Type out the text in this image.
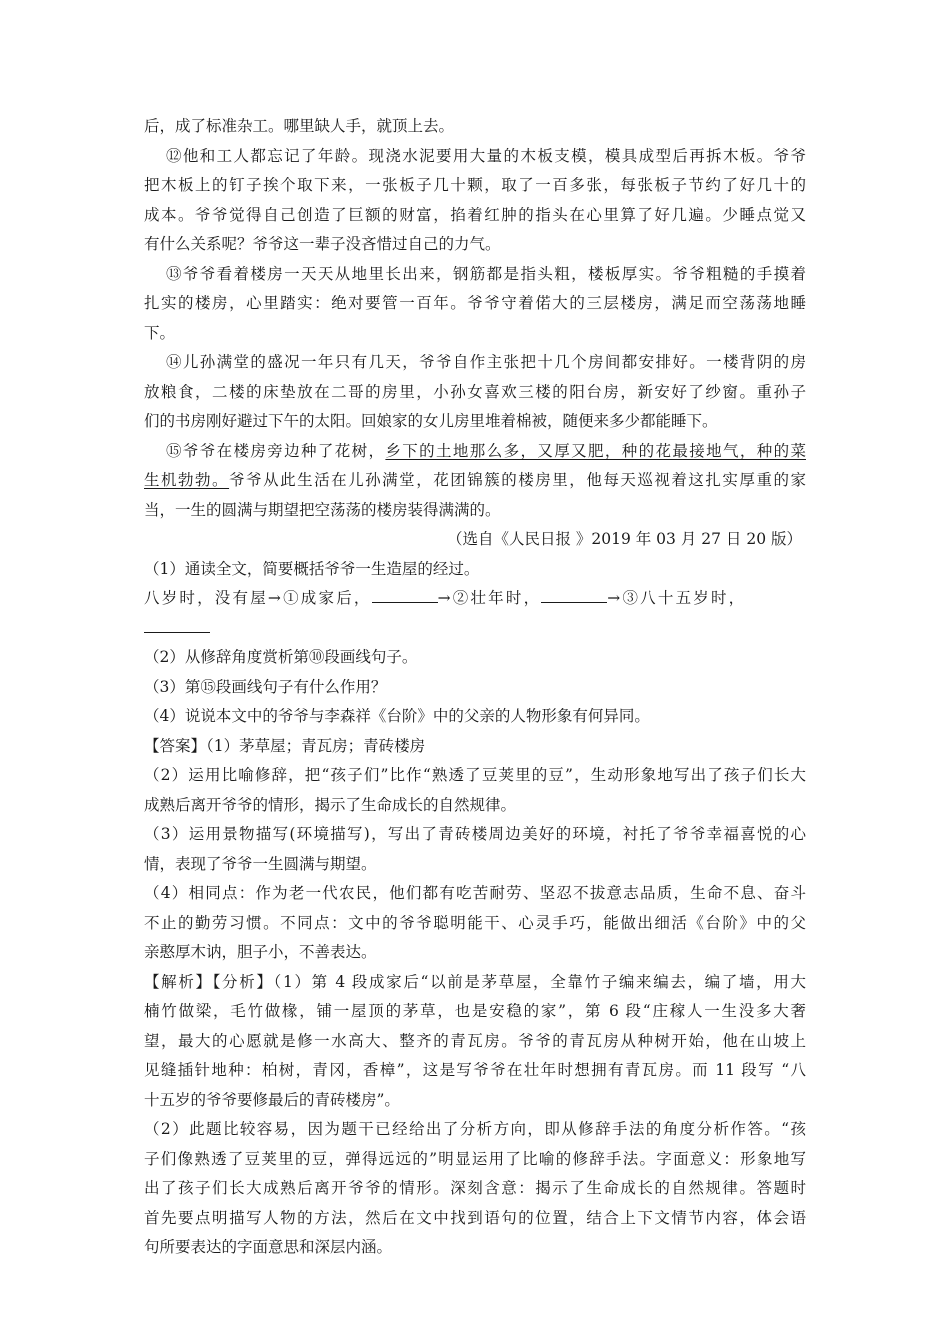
后，成了标准杂工。哪里缺人手，就顶上去。

⑫他和工人都忘记了年龄。现浇水泥要用大量的木板支模，模具成型后再拆木板。爷爷

把木板上的钉子挨个取下来，一张板子几十颗，取了一百多张，每张板子节约了好几十的

成本。爷爷觉得自己创造了巨额的财富，掐着红肿的指头在心里算了好几遍。少睡点觉又

有什么关系呢？爷爷这一辈子没吝惜过自己的力气。

⑬爷爷看着楼房一天天从地里长出来，钢筋都是指头粗，楼板厚实。爷爷粗糙的手摸着

扎实的楼房，心里踏实：绝对要管一百年。爷爷守着偌大的三层楼房，满足而空荡荡地睡

下。

⑭儿孙满堂的盛况一年只有几天，爷爷自作主张把十几个房间都安排好。一楼背阴的房

放粮食，二楼的床垫放在二哥的房里，小孙女喜欢三楼的阳台房，新安好了纱窗。重孙子

们的书房刚好避过下午的太阳。回娘家的女儿房里堆着棉被，随便来多少都能睡下。

⑮爷爷在楼房旁边种了花树，乡下的土地那么多，又厚又肥，种的花最接地气，种的菜

生机勃勃。爷爷从此生活在儿孙满堂，花团锦簇的楼房里，他每天巡视着这扎实厚重的家

当，一生的圆满与期望把空荡荡的楼房装得满满的。

（选自《人民日报 》2019 年 03 月 27 日 20 版）

（1）通读全文，简要概括爷爷一生造屋的经过。

八岁时，没有屋→①成家后，	→②壮年时，	→③八十五岁时，

（2）从修辞角度赏析第⑩段画线句子。

（3）第⑮段画线句子有什么作用？

（4）说说本文中的爷爷与李森祥《台阶》中的父亲的人物形象有何异同。

【答案】（1）茅草屋；青瓦房；青砖楼房

（2）运用比喻修辞，把“孩子们”比作“熟透了豆荚里的豆”，生动形象地写出了孩子们长大

成熟后离开爷爷的情形，揭示了生命成长的自然规律。

（3）运用景物描写(环境描写)，写出了青砖楼周边美好的环境，衬托了爷爷幸福喜悦的心

情，表现了爷爷一生圆满与期望。

（4）相同点：作为老一代农民，他们都有吃苦耐劳、坚忍不拔意志品质，生命不息、奋斗

不止的勤劳习惯。不同点：文中的爷爷聪明能干、心灵手巧，能做出细活《台阶》中的父

亲憨厚木讷，胆子小，不善表达。

【解析】【分析】（1）第 4 段成家后“以前是茅草屋，全靠竹子编来编去，编了墙，用大

楠竹做梁，毛竹做椽，铺一屋顶的茅草，也是安稳的家”，第 6 段“庄稼人一生没多大奢

望，最大的心愿就是修一水高大、整齐的青瓦房。爷爷的青瓦房从种树开始，他在山坡上

见缝插针地种：柏树，青冈，香樟”，这是写爷爷在壮年时想拥有青瓦房。而 11 段写 “八

十五岁的爷爷要修最后的青砖楼房”。

（2）此题比较容易，因为题干已经给出了分析方向，即从修辞手法的角度分析作答。“孩

子们像熟透了豆荚里的豆，弹得远远的”明显运用了比喻的修辞手法。字面意义：形象地写

出了孩子们长大成熟后离开爷爷的情形。深刻含意：揭示了生命成长的自然规律。答题时

首先要点明描写人物的方法，然后在文中找到语句的位置，结合上下文情节内容，体会语

句所要表达的字面意思和深层内涵。
